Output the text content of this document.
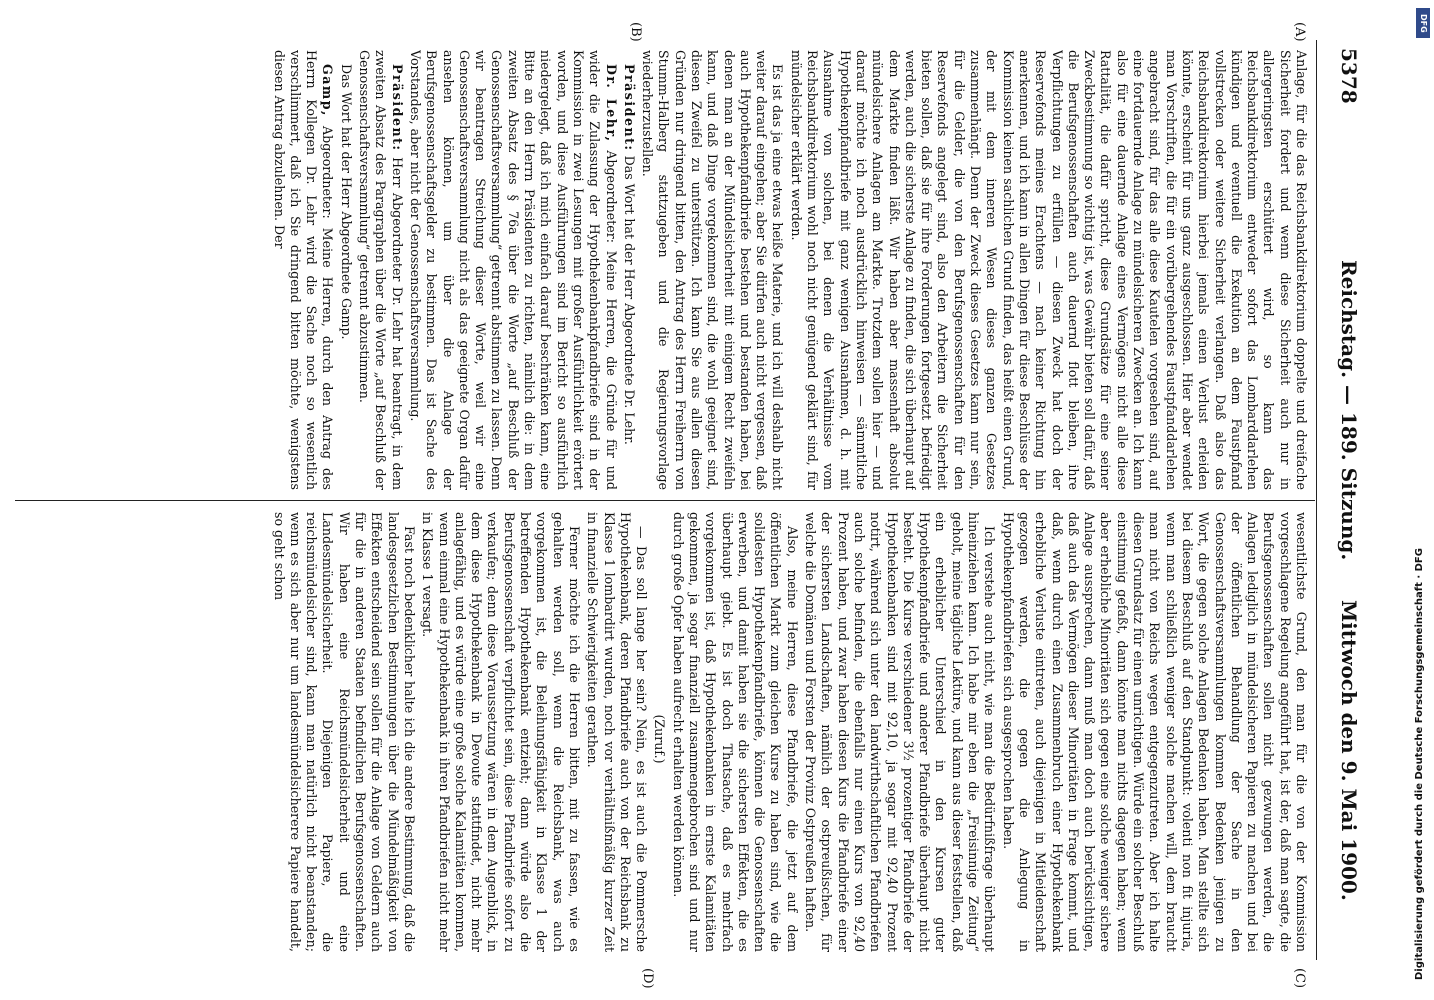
5378
Reichstag. — 189. Sitzung.
Mittwoch den 9. Mai 1900.
(A)
(B)
(C)
(D)

Anlage, für die das Reichsbankdirektorium doppelte und dreifache Sicherheit fordert und wenn diese Sicherheit auch nur in allergeringsten erschüttert wird, so kann das Reichsbankdirektorium entweder sofort das Lombarddarlehen kündigen und eventuell die Exekution an dem Faustpfand vollstrecken oder weitere Sicherheit verlangen. Daß also das Reichsbankdirektorium hierbei jemals einen Verlust erleiden könnte, erscheint für uns ganz ausgeschlossen. Hier aber wendet man Vorschriften, die für ein vorübergehendes Faustpfanddarlehen angebracht sind, für das alle diese Kautelen vorgesehen sind, auf eine fortdauernde Anlage zu mündelsicheren Zwecken an. Ich kann also für eine dauernde Anlage eines Vermögens nicht alle diese Rattalität, die dafür spricht, diese Grundsätze für eine seiner Zweckbestimmung so wichtig ist, was Gewähr bieten soll dafür, daß die Berufsgenossenschaften auch dauernd flott bleiben, ihre Verpflichtungen zu erfüllen — diesen Zweck hat doch der Reservefonds meines Erachtens — nach keiner Richtung hin anerkennen, und ich kann in allen Dingen für diese Beschlüsse der Kommission keinen sachlichen Grund finden, das heißt einen Grund, der mit dem inneren Wesen dieses ganzen Gesetzes zusammenhängt. Denn der Zweck dieses Gesetzes kann nur sein, für die Gelder, die von den Berufsgenossenschaften für den Reservefonds angelegt sind, also den Arbeitern die Sicherheit bieten sollen, daß sie für ihre Forderungen fortgesetzt befriedigt werden, auch die sicherste Anlage zu finden, die sich überhaupt auf dem Markte finden läßt. Wir haben aber massenhaft absolut mündelsichere Anlagen am Markte. Trotzdem sollen hier — und darauf möchte ich noch ausdrücklich hinweisen — sämmtliche Hypothekenpfandbriefe mit ganz wenigen Ausnahmen, d. h. mit Ausnahme von solchen, bei denen die Verhältnisse vom Reichsbankdirektorium wohl noch nicht genügend geklärt sind, für mündelsicher erklärt werden.

Es ist das ja eine etwas heiße Materie, und ich will deshalb nicht weiter darauf eingehen; aber Sie dürfen auch nicht vergessen, daß auch Hypothekenpfandbriefe bestehen und bestanden haben, bei denen man an der Mündelsicherheit mit einigem Recht zweifeln kann, und daß Dinge vorgekommen sind, die wohl geeignet sind, diesen Zweifel zu unterstützen. Ich kann Sie aus allen diesen Gründen nur dringend bitten, den Antrag des Herrn Freiherrn von Stumm-Halberg stattzugeben und die Regierungsvorlage wiederherzustellen.

Präsident: Das Wort hat der Herr Abgeordnete Dr. Lehr.

Dr. Lehr, Abgeordneter: Meine Herren, die Gründe für und wider die Zulassung der Hypothekenbankpfandbriefe sind in der Kommission in zwei Lesungen mit großer Ausführlichkeit erörtert worden, und diese Ausführungen sind im Bericht so ausführlich niedergelegt, daß ich mich einfach darauf beschränken kann, eine Bitte an den Herrn Präsidenten zu richten, nämlich die: in dem zweiten Absatz des § 76a über die Worte „auf Beschluß der Genossenschaftsversammlung“ getrennt abstimmen zu lassen. Denn wir beantragen Streichung dieser Worte, weil wir eine Genossenschaftsversammlung nicht als das geeignete Organ dafür ansehen können, um über die Anlage der Berufsgenossenschaftsgelder zu bestimmen. Das ist Sache des Vorstandes, aber nicht der Genossenschaftsversammlung.

Präsident: Herr Abgeordneter Dr. Lehr hat beantragt, in dem zweiten Absatz des Paragraphen über die Worte „auf Beschluß der Genossenschaftsversammlung“ getrennt abzustimmen.

Das Wort hat der Herr Abgeordnete Gamp.

Gamp, Abgeordneter: Meine Herren, durch den Antrag des Herrn Kollegen Dr. Lehr wird die Sache noch so wesentlich verschlimmert, daß ich Sie dringend bitten möchte, wenigstens diesen Antrag abzulehnen. Der

wesentlichste Grund, den man für die von der Kommission vorgeschlagene Regelung angeführt hat, ist der, daß man sagte, die Berufsgenossenschaften sollen nicht gezwungen werden, die Anlagen lediglich in mündelsicheren Papieren zu machen und bei der öffentlichen Behandlung der Sache in den Genossenschaftsversammlungen kommen Bedenken jenigen zu Wort, die gegen solche Anlagen Bedenken haben. Man stellte sich bei diesem Beschluß auf den Standpunkt: volenti non fit injuria, wenn man schließlich weniger solche machen will, dem braucht man nicht von Reichs wegen entgegenzutreten. Aber ich halte diesen Grundsatz für einen unrichtigen. Würde ein solcher Beschluß einstimmig gefaßt, dann könnte man nichts dagegen haben; wenn aber erhebliche Minoritäten sich gegen eine solche weniger sichere Anlage aussprechen, dann muß man doch auch berücksichtigen, daß auch das Vermögen dieser Minoritäten in Frage kommt, und daß, wenn durch einen Zusammenbruch einer Hypothekenbank erhebliche Verluste eintreten, auch diejenigen in Mitleidenschaft gezogen werden, die gegen die Anlegung in Hypothekenpfandbriefen sich ausgesprochen haben.

Ich verstehe auch nicht, wie man die Bedürfnißfrage überhaupt hineinziehen kann. Ich habe mir eben die „Freisinnige Zeitung“ geholt, meine tägliche Lektüre, und kann aus dieser feststellen, daß ein erheblicher Unterschied in den Kursen guter Hypothekenpfandbriefe und anderer Pfandbriefe überhaupt nicht besteht. Die Kurse verschiedener 3½ prozentiger Pfandbriefe der Hypothekenbanken sind mit 92,10, ja sogar mit 92,40 Prozent notirt, während sich unter den landwirthschaftlichen Pfandbriefen auch solche befinden, die ebenfalls nur einen Kurs von 92,40 Prozent haben, und zwar haben diesen Kurs die Pfandbriefe einer der sichersten Landschaften, nämlich der ostpreußischen, für welche die Domänen und Forsten der Provinz Ostpreußen haften.

Also, meine Herren, diese Pfandbriefe, die jetzt auf dem öffentlichen Markt zum gleichen Kurse zu haben sind, wie die solidesten Hypothekenpfandbriefe, können die Genossenschaften erwerben, und damit haben sie die sichersten Effekten, die es überhaupt giebt. Es ist doch Thatsache, daß es mehrfach vorgekommen ist, daß Hypothekenbanken in ernste Kalamitäten gekommen, ja sogar finanziell zusammengebrochen sind und nur durch große Opfer haben aufrecht erhalten werden können.

(Zuruf.)

— Das soll lange her sein? Nein, es ist auch die Pommersche Hypothekenbank, deren Pfandbriefe auch von der Reichsbank zu Klasse 1 lombardirt wurden, noch vor verhältnißmäßig kurzer Zeit in finanzielle Schwierigkeiten gerathen.

Ferner möchte ich die Herren bitten, mit zu fassen, wie es gehalten werden soll, wenn die Reichsbank, was auch vorgekommen ist, die Beleihungsfähigkeit in Klasse 1 der betreffenden Hypothekenbank entzieht; dann würde also die Berufsgenossenschaft verpflichtet sein, diese Pfandbriefe sofort zu verkaufen; denn diese Voraussetzung wären in dem Augenblick, in dem diese Hypothekenbank in Devoute stattfindet, nicht mehr anlagefähig, und es würde eine große solche Kalamitäten kommen, wenn einmal eine Hypothekenbank in ihren Pfandbriefen nicht mehr in Klasse 1 versagt.

Fast noch bedenklicher halte ich die andere Bestimmung, daß die landesgesetzlichen Bestimmungen über die Mündelmäßigkeit von Effekten entscheidend sein sollen für die Anlage von Geldern auch für die in anderen Staaten befindlichen Berufsgenossenschaften. Wir haben eine Reichsmündelsicherheit und eine Landesmündelsicherheit. Diejenigen Papiere, die reichsmündelsicher sind, kann man natürlich nicht beanstanden; wenn es sich aber nur um landesmündelsicherere Papiere handelt, so geht schon

DFG
Digitalisierung gefördert durch die Deutsche Forschungsgemeinschaft · DFG
